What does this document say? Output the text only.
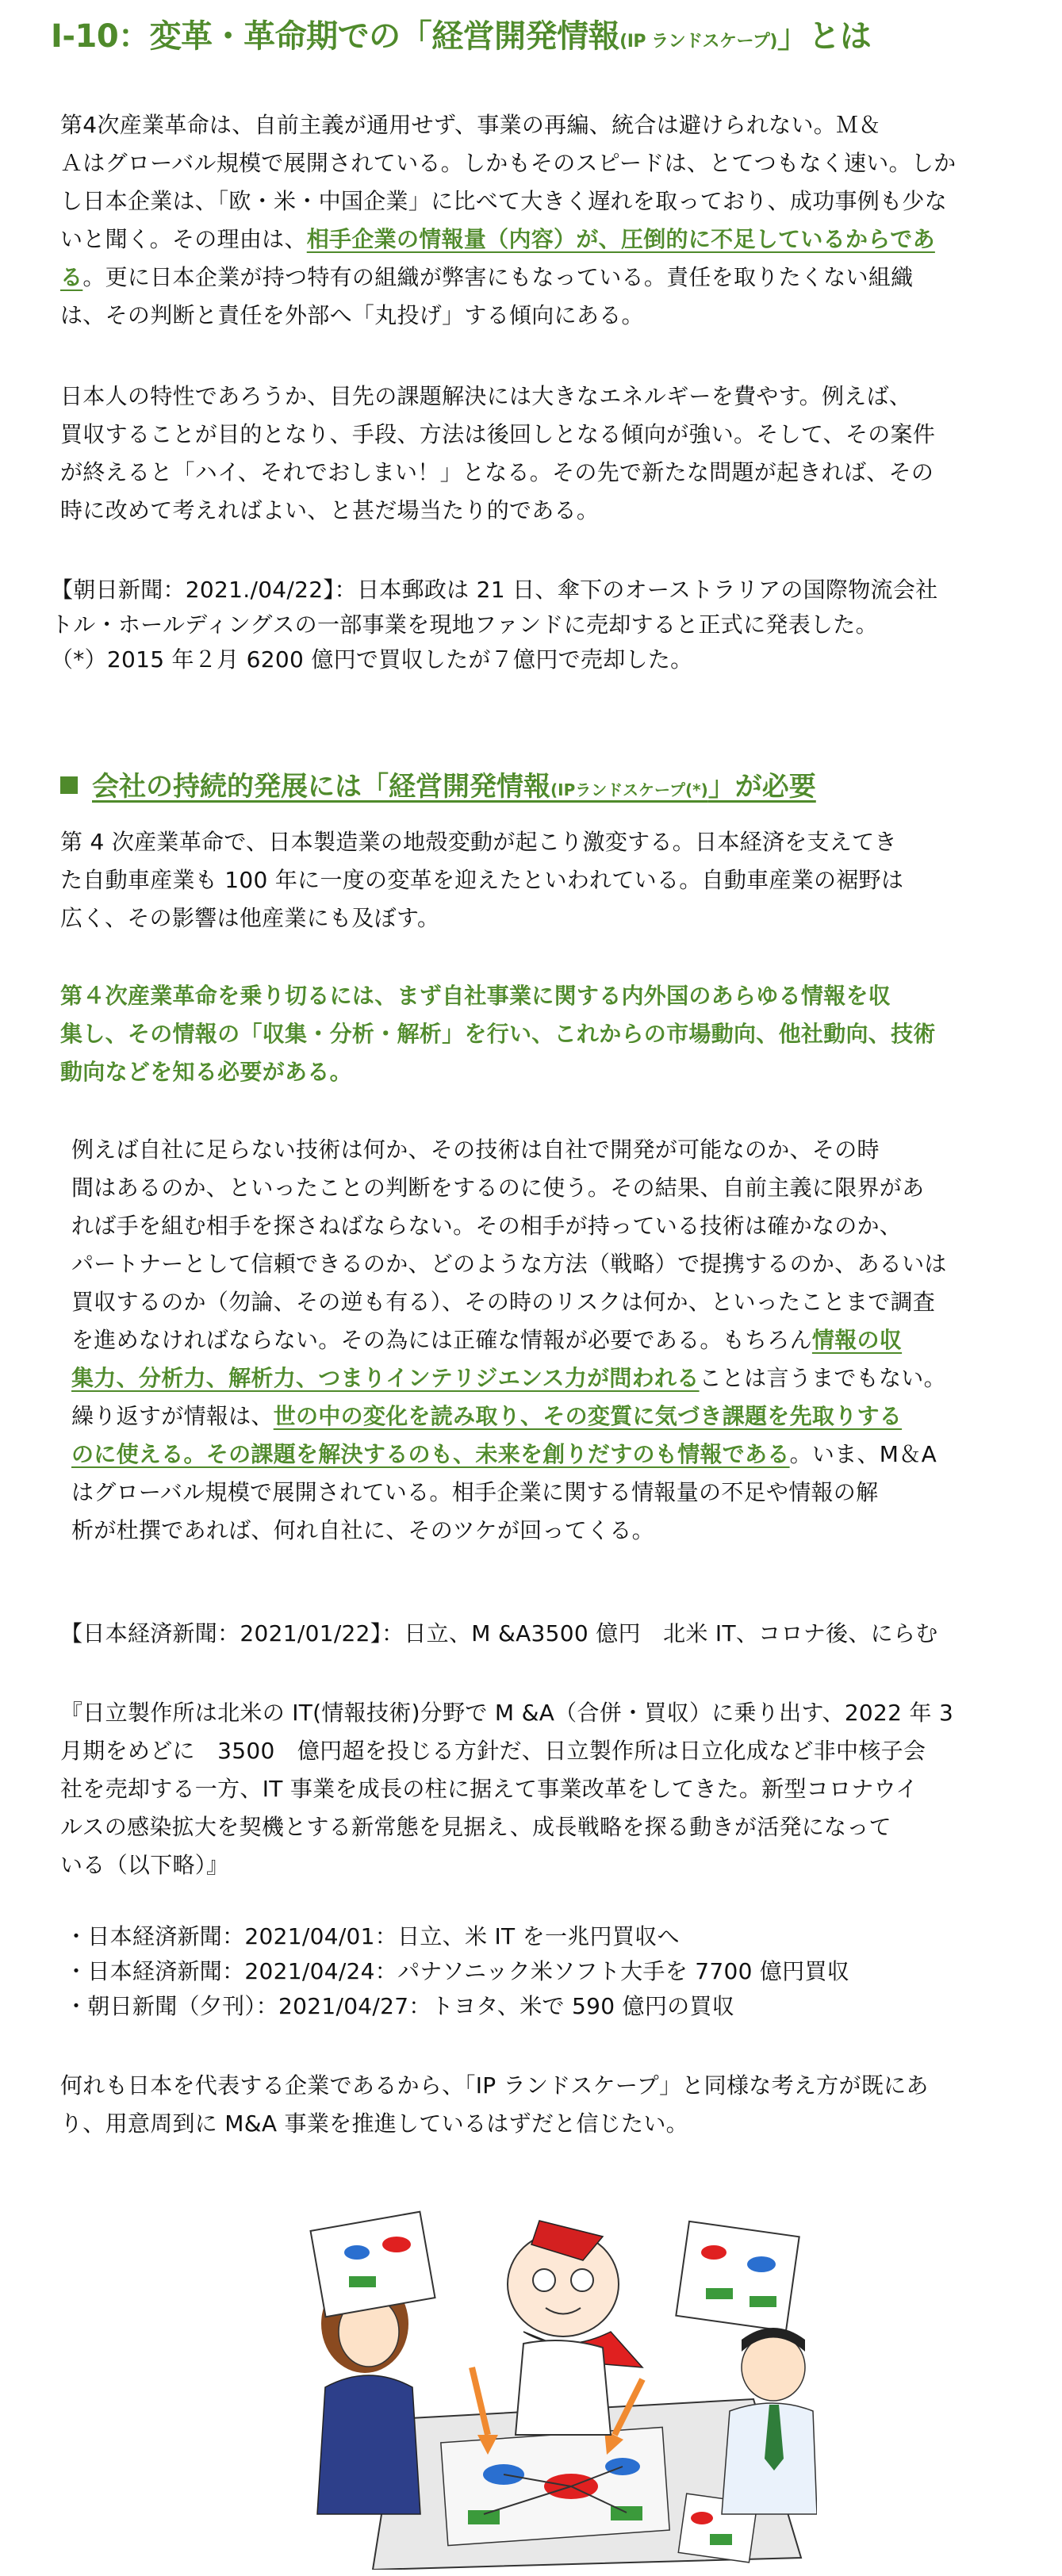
Ⅰ-10：変革・革命期での「経営開発情報(IP ランドスケープ)」とは
第4次産業革命は、自前主義が通用せず、事業の再編、統合は避けられない。Ｍ＆
Ａはグローバル規模で展開されている。しかもそのスピードは、とてつもなく速い。しか
し日本企業は、「欧・米・中国企業」に比べて大きく遅れを取っており、成功事例も少な
いと聞く。その理由は、相手企業の情報量（内容）が、圧倒的に不足しているからであ
る。更に日本企業が持つ特有の組織が弊害にもなっている。責任を取りたくない組織
は、その判断と責任を外部へ「丸投げ」する傾向にある。
日本人の特性であろうか、目先の課題解決には大きなエネルギーを費やす。例えば、
買収することが目的となり、手段、方法は後回しとなる傾向が強い。そして、その案件
が終えると「ハイ、それでおしまい！」となる。その先で新たな問題が起きれば、その
時に改めて考えればよい、と甚だ場当たり的である。
【朝日新聞：2021./04/22】：日本郵政は 21 日、傘下のオーストラリアの国際物流会社
トル・ホールディングスの一部事業を現地ファンドに売却すると正式に発表した。
（*）2015 年２月 6200 億円で買収したが７億円で売却した。
会社の持続的発展には「経営開発情報(IPランドスケープ(*)」が必要
第 4 次産業革命で、日本製造業の地殻変動が起こり激変する。日本経済を支えてき
た自動車産業も 100 年に一度の変革を迎えたといわれている。自動車産業の裾野は
広く、その影響は他産業にも及ぼす。
第４次産業革命を乗り切るには、まず自社事業に関する内外国のあらゆる情報を収
集し、その情報の「収集・分析・解析」を行い、これからの市場動向、他社動向、技術
動向などを知る必要がある。
例えば自社に足らない技術は何か、その技術は自社で開発が可能なのか、その時
間はあるのか、といったことの判断をするのに使う。その結果、自前主義に限界があ
れば手を組む相手を探さねばならない。その相手が持っている技術は確かなのか、
パートナーとして信頼できるのか、どのような方法（戦略）で提携するのか、あるいは
買収するのか（勿論、その逆も有る）、その時のリスクは何か、といったことまで調査
を進めなければならない。その為には正確な情報が必要である。もちろん情報の収
集力、分析力、解析力、つまりインテリジエンス力が問われることは言うまでもない。
繰り返すが情報は、世の中の変化を読み取り、その変質に気づき課題を先取りする
のに使える。その課題を解決するのも、未来を創りだすのも情報である。いま、M＆A
はグローバル規模で展開されている。相手企業に関する情報量の不足や情報の解
析が杜撰であれば、何れ自社に、そのツケが回ってくる。
【日本経済新聞：2021/01/22】：日立、M &A3500 億円　北米 IT、コロナ後、にらむ
『日立製作所は北米の IT(情報技術)分野で M &A（合併・買収）に乗り出す、2022 年 3
月期をめどに　3500　億円超を投じる方針だ、日立製作所は日立化成など非中核子会
社を売却する一方、IT 事業を成長の柱に据えて事業改革をしてきた。新型コロナウイ
ルスの感染拡大を契機とする新常態を見据え、成長戦略を探る動きが活発になって
いる（以下略）』
・日本経済新聞：2021/04/01：日立、米 IT を一兆円買収へ
・日本経済新聞：2021/04/24：パナソニック米ソフト大手を 7700 億円買収
・朝日新聞（夕刊）：2021/04/27：トヨタ、米で 590 億円の買収
何れも日本を代表する企業であるから、「IP ランドスケープ」と同様な考え方が既にあ
り、用意周到に M&A 事業を推進しているはずだと信じたい。
